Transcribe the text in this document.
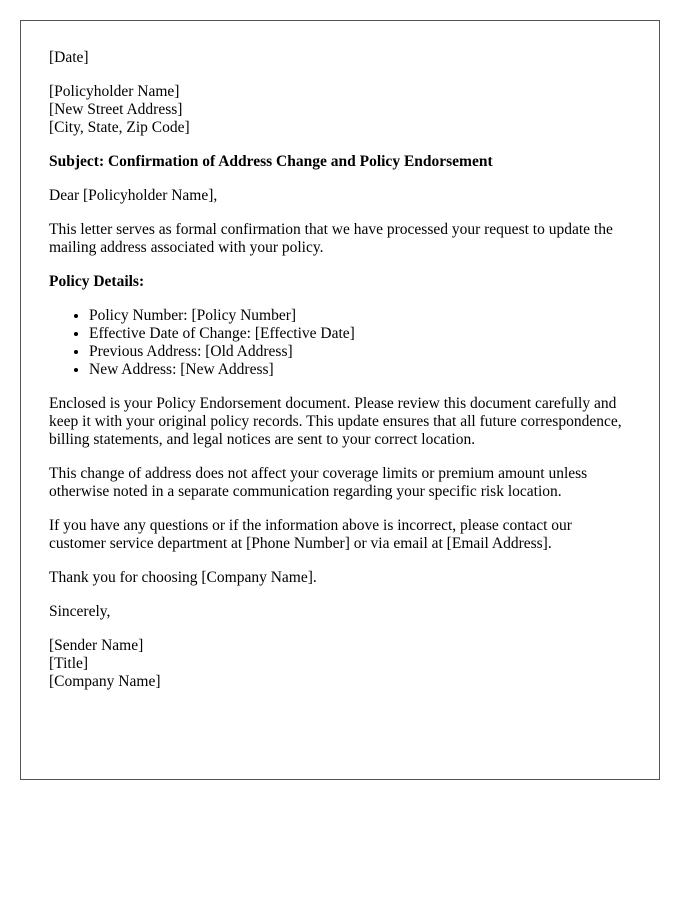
[Date]
[Policyholder Name]
[New Street Address]
[City, State, Zip Code]
Subject: Confirmation of Address Change and Policy Endorsement

Dear [Policyholder Name],

This letter serves as formal confirmation that we have processed your request to update the mailing address associated with your policy.

Policy Details:
• Policy Number: [Policy Number]
• Effective Date of Change: [Effective Date]
• Previous Address: [Old Address]
• New Address: [New Address]

Enclosed is your Policy Endorsement document. Please review this document carefully and keep it with your original policy records. This update ensures that all future correspondence, billing statements, and legal notices are sent to your correct location.

This change of address does not affect your coverage limits or premium amount unless otherwise noted in a separate communication regarding your specific risk location.

If you have any questions or if the information above is incorrect, please contact our customer service department at [Phone Number] or via email at [Email Address].

Thank you for choosing [Company Name].

Sincerely,

[Sender Name]
[Title]
[Company Name]
